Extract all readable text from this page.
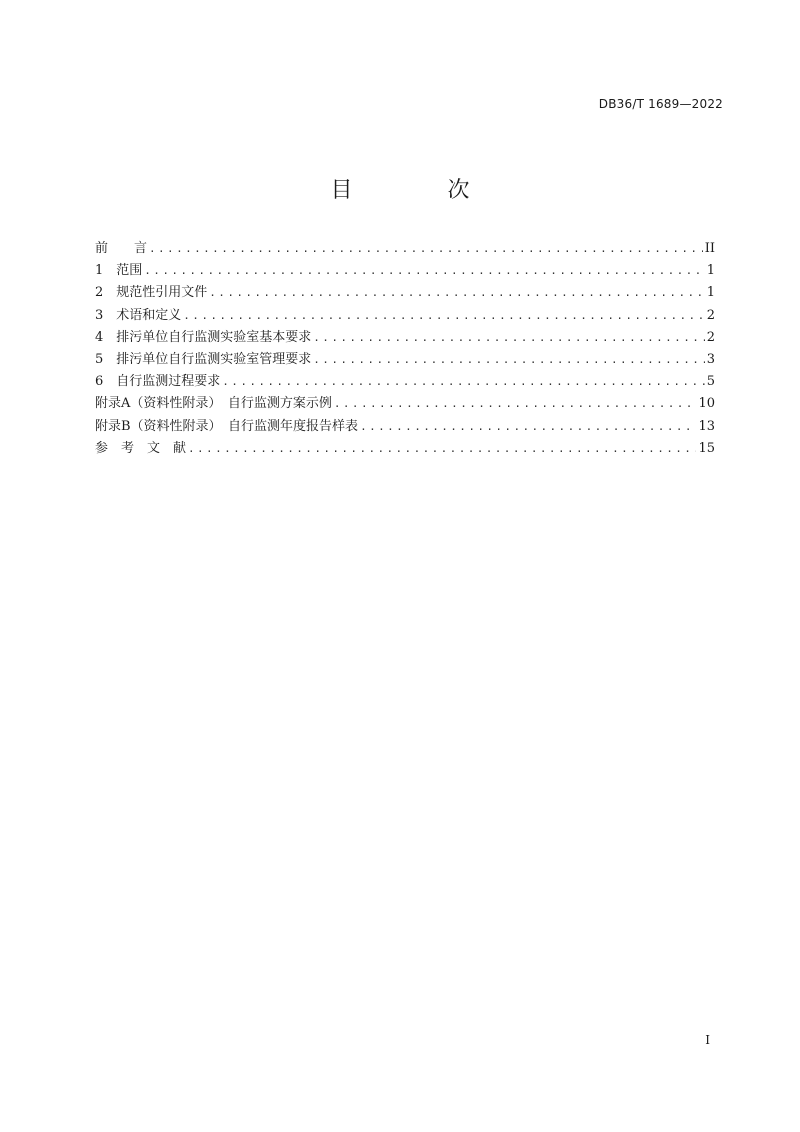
DB36/T 1689—2022
目 次
前　　言 .....	II
1　范围 .....	1
2　规范性引用文件 .....	1
3　术语和定义 .....	2
4　排污单位自行监测实验室基本要求 .....	2
5　排污单位自行监测实验室管理要求 .....	3
6　自行监测过程要求 .....	5
附录A（资料性附录）　自行监测方案示例 .....	10
附录B（资料性附录）　自行监测年度报告样表 .....	13
参　考　文　献 .....	15
I
